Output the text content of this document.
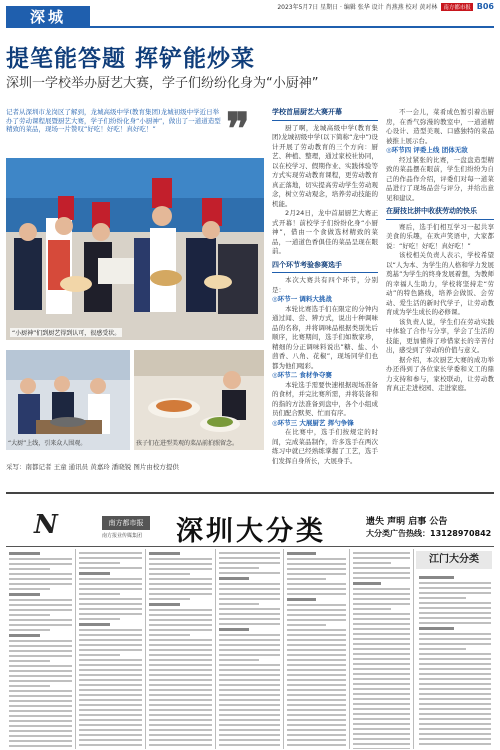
深城
2023年5月7日 星期日 · 编辑 张华 设计 肖燕燕 校对 黄对林 南方都市报 B06
提笔能答题 挥铲能炒菜
深圳一学校举办厨艺大赛，学子们纷纷化身为“小厨神”
记者从深圳市龙岗区了解到，龙城高级中学(教育集团)龙城初级中学近日举办了劳动课程展暨厨艺大赛，学子们纷纷化身“小厨神”，做出了一道道造型精致的菜品，现场一片赞叹“好吃！好吃！真好吃！”	❞
“小厨神”们到厨艺得到认可，很感受状。
“大厨”上线，引来众人围观。	孩子们在进型美观的菜品前拍照留念。
采写：南都记者 王童 通讯员 黄嘉玲 潘晓锐 图片由校方提供
学校首届厨艺大赛开幕

厨了啊，龙城高级中学(教育集团)龙城初级中学(以下简称“龙中”)设计开展了劳动教育的三个方向：厨艺、种植、整理，通过家校社协同，以在校学习、假期作业、实践体验等方式实现劳动教育课程，更劳动教育真正落地，切实提高劳动学生劳动观念，树立劳动观念，培养劳动技能的机能。

2月24日，龙中首届厨艺大赛正式开幕！前校学子们纷纷化身“小厨神”，借由一个食做选材精致的菜品，一道道色香俱佳的菜品呈现在眼前。

四个环节考验参赛选手

本次大赛共有四个环节，分别是：

◎环节一 调料大挑战

本轮比赛选手们在限定的分钟内通过闻、尝、辨方式，说出十种调味品的名称，并将调味品根据类别先后顺序，比赛期间，选手们如数家珍，精细的分正调味料说出”糖、盐、小茴香、八角、花椒”，现场同学们也都为他们喝彩。

◎环节二 食材争夺赛

本轮选手需要快速根据现场准备的食材，并完比赛所需，并将装备和的指的方法准备到盘中，各个小组成员们配合默契、忙而有序。

◎环节三 大展厨艺 挥勺争锋

在比赛中，选手们按规定的时间，完成菜品制作，许多选手在两次练习中就已经熟练掌握了工艺，选手们发挥自身所长，大展身手。

不一会儿，菜肴成色暂引着出厨房，在香气弥漫的教室中，一道道精心设计、造型美观、口感独特的菜品被推上展示台。

◎环节四 评委上线 团体无敌

经过紧张的比赛，一盘盘造型精致的菜品摆在眼前，学生们纷纷为自己的作品作介绍，评委们对每一道菜品进行了现场品尝与评分，并给出意见和建议。

在厨技比拼中收获劳动的快乐

赛后，选手们相互学习一起共享美食的乐趣，在欢声笑语中，大家都说：“好吃！好吃！真好吃！”

该校相关负责人表示，学校希望以“人为本、为学生的人格和学力发展奠基”为学生的终身发展着想，为教师的幸福人生助力，学校将坚持走“劳动”的特色路线，培养会做饭、会劳动、爱生活的新时代学子，让劳动教育成为学生成长的必修课。

该负责人说，学生们在劳动实践中体验了合作与分享，学会了生活的技能，更加懂得了珍惜家长的辛苦付出，感受到了劳动的价值与意义。

据介绍，本次厨艺大赛的成功举办还得到了各位家长学委和义工的鼎力支持和参与，家校联动，让劳动教育真正走进校园、走进家庭。

N	南方都市报
南方报业传媒集团 深圳大分类	遗失 声明 启事 公告
大分类广告热线：13128970842
江门大分类
